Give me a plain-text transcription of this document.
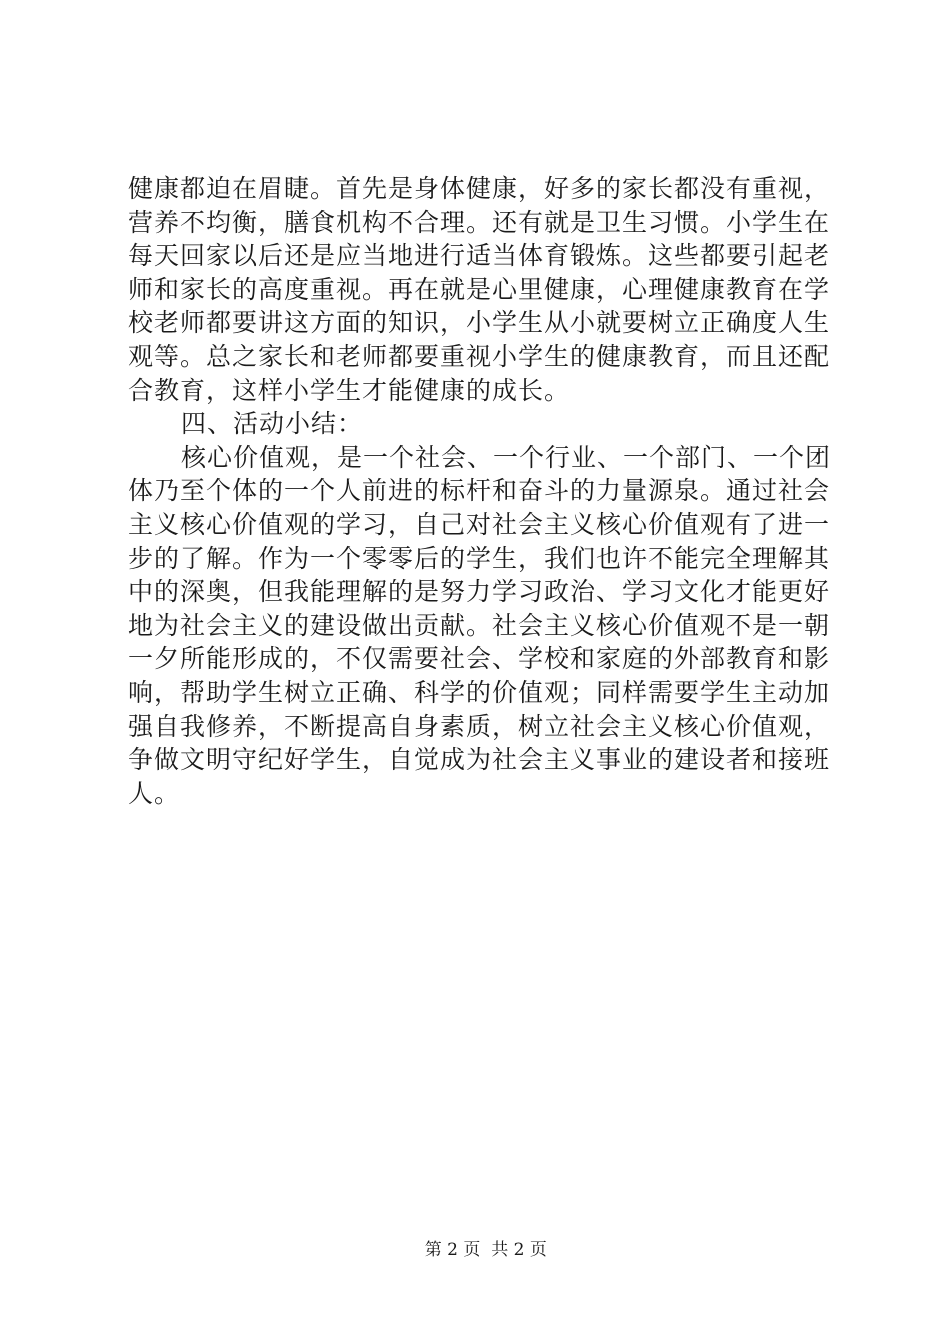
健康都迫在眉睫。首先是身体健康，好多的家长都没有重视，
营养不均衡，膳食机构不合理。还有就是卫生习惯。小学生在
每天回家以后还是应当地进行适当体育锻炼。这些都要引起老
师和家长的高度重视。再在就是心里健康，心理健康教育在学
校老师都要讲这方面的知识，小学生从小就要树立正确度人生
观等。总之家长和老师都要重视小学生的健康教育，而且还配
合教育，这样小学生才能健康的成长。
四、活动小结：
核心价值观，是一个社会、一个行业、一个部门、一个团
体乃至个体的一个人前进的标杆和奋斗的力量源泉。通过社会
主义核心价值观的学习，自己对社会主义核心价值观有了进一
步的了解。作为一个零零后的学生，我们也许不能完全理解其
中的深奥，但我能理解的是努力学习政治、学习文化才能更好
地为社会主义的建设做出贡献。社会主义核心价值观不是一朝
一夕所能形成的，不仅需要社会、学校和家庭的外部教育和影
响，帮助学生树立正确、科学的价值观；同样需要学生主动加
强自我修养，不断提高自身素质，树立社会主义核心价值观，
争做文明守纪好学生，自觉成为社会主义事业的建设者和接班
人。

第 2 页  共 2 页
